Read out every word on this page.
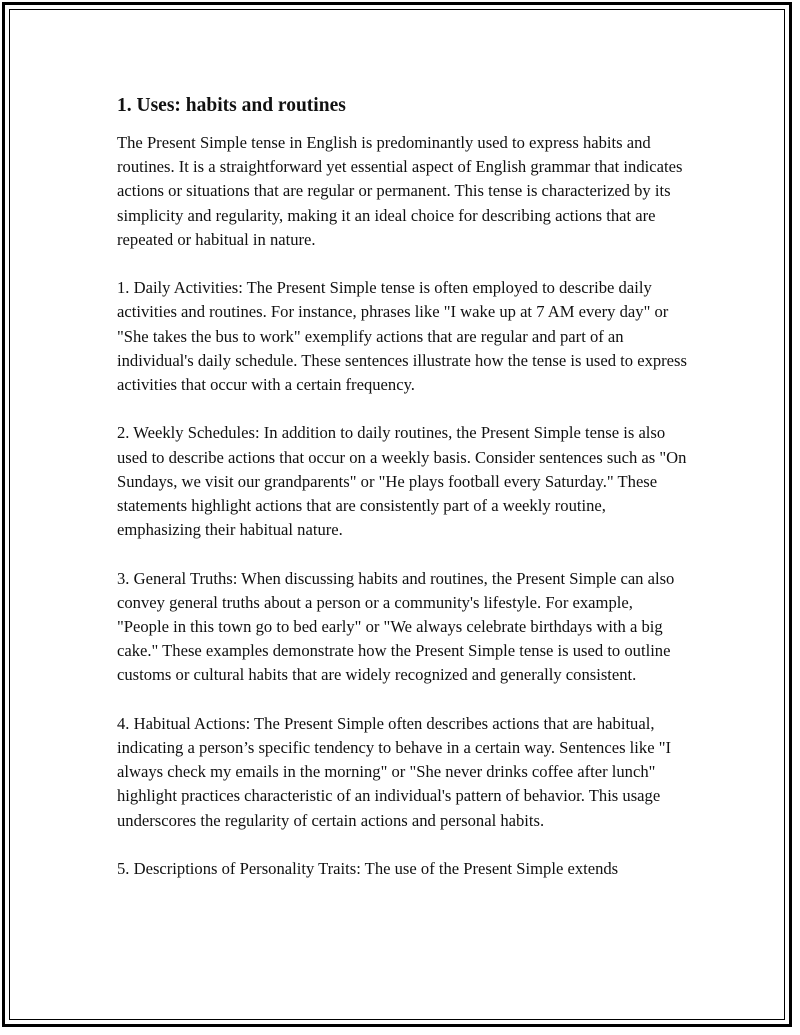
1. Uses: habits and routines

The Present Simple tense in English is predominantly used to express habits and routines. It is a straightforward yet essential aspect of English grammar that indicates actions or situations that are regular or permanent. This tense is characterized by its simplicity and regularity, making it an ideal choice for describing actions that are repeated or habitual in nature.

1. Daily Activities: The Present Simple tense is often employed to describe daily activities and routines. For instance, phrases like "I wake up at 7 AM every day" or "She takes the bus to work" exemplify actions that are regular and part of an individual's daily schedule. These sentences illustrate how the tense is used to express activities that occur with a certain frequency.

2. Weekly Schedules: In addition to daily routines, the Present Simple tense is also used to describe actions that occur on a weekly basis. Consider sentences such as "On Sundays, we visit our grandparents" or "He plays football every Saturday." These statements highlight actions that are consistently part of a weekly routine, emphasizing their habitual nature.

3. General Truths: When discussing habits and routines, the Present Simple can also convey general truths about a person or a community's lifestyle. For example, "People in this town go to bed early" or "We always celebrate birthdays with a big cake." These examples demonstrate how the Present Simple tense is used to outline customs or cultural habits that are widely recognized and generally consistent.

4. Habitual Actions: The Present Simple often describes actions that are habitual, indicating a person’s specific tendency to behave in a certain way. Sentences like "I always check my emails in the morning" or "She never drinks coffee after lunch" highlight practices characteristic of an individual's pattern of behavior. This usage underscores the regularity of certain actions and personal habits.

5. Descriptions of Personality Traits: The use of the Present Simple extends
